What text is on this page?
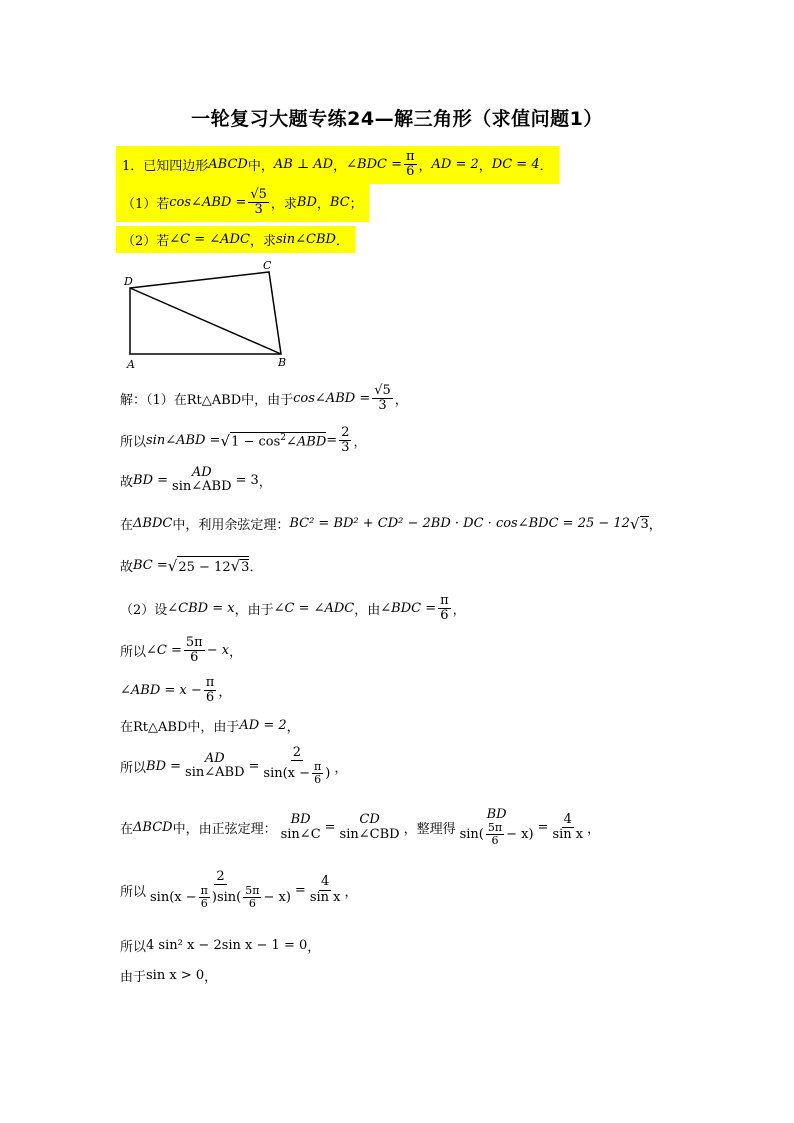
一轮复习大题专练24—解三角形（求值问题1）
1．已知四边形 ABCD 中， AB ⊥ AD ， ∠BDC = $\frac{\pi}{6}$ ， AD = 2 ， DC = 4 ．
（1）若 cos∠ABD = $\frac{√5}{3}$ ，求 BD ， BC ；
（2）若 ∠C = ∠ADC ，求 sin∠CBD ．
D
C
B
A
解：（1）在Rt△ABD中，由于 cos∠ABD = $\frac{√5}{3}$ ，
所以 sin∠ABD = √ $1 - \cos^2\angle ABD = \frac{2}{3}$ ，
故 BD =
AD
sin∠ABD = 3 ，
在 ΔBDC 中，利用余弦定理： BC² = BD² + CD² − 2BD · DC · cos∠BDC = 25 − 12 √ 3 ，
故 BC = √ 25 − 12√3 ．
（2）设 ∠CBD = x ，由于 ∠C = ∠ADC ，由 ∠BDC = $\frac{\pi}{6}$ ，
所以 ∠C = $\frac{5\pi}{6} - x$ ，
∠ABD = $x - \frac{\pi}{6}$ ，
在Rt△ABD中，由于 AD = 2 ，
所以 BD =
AD
sin∠ABD = $\frac{2}{\sin(x - \frac{\pi}{6} )}$ ，
在 ΔBCD 中，由正弦定理：
BD
sin∠C =
CD
sin∠CBD ，整理得
BD
$\sin( \frac{5\pi}{6} - x) = \frac{4}{\text{sin x}}$ ，
所以 $\frac{2}{\sin(x - \frac{\pi}{6} )\sin( \frac{5\pi}{6} - x)} = \frac{4}{\text{sin x}}$ ，
所以 4 sin² x − 2sin x − 1 = 0 ，
由于 sin x > 0 ，
